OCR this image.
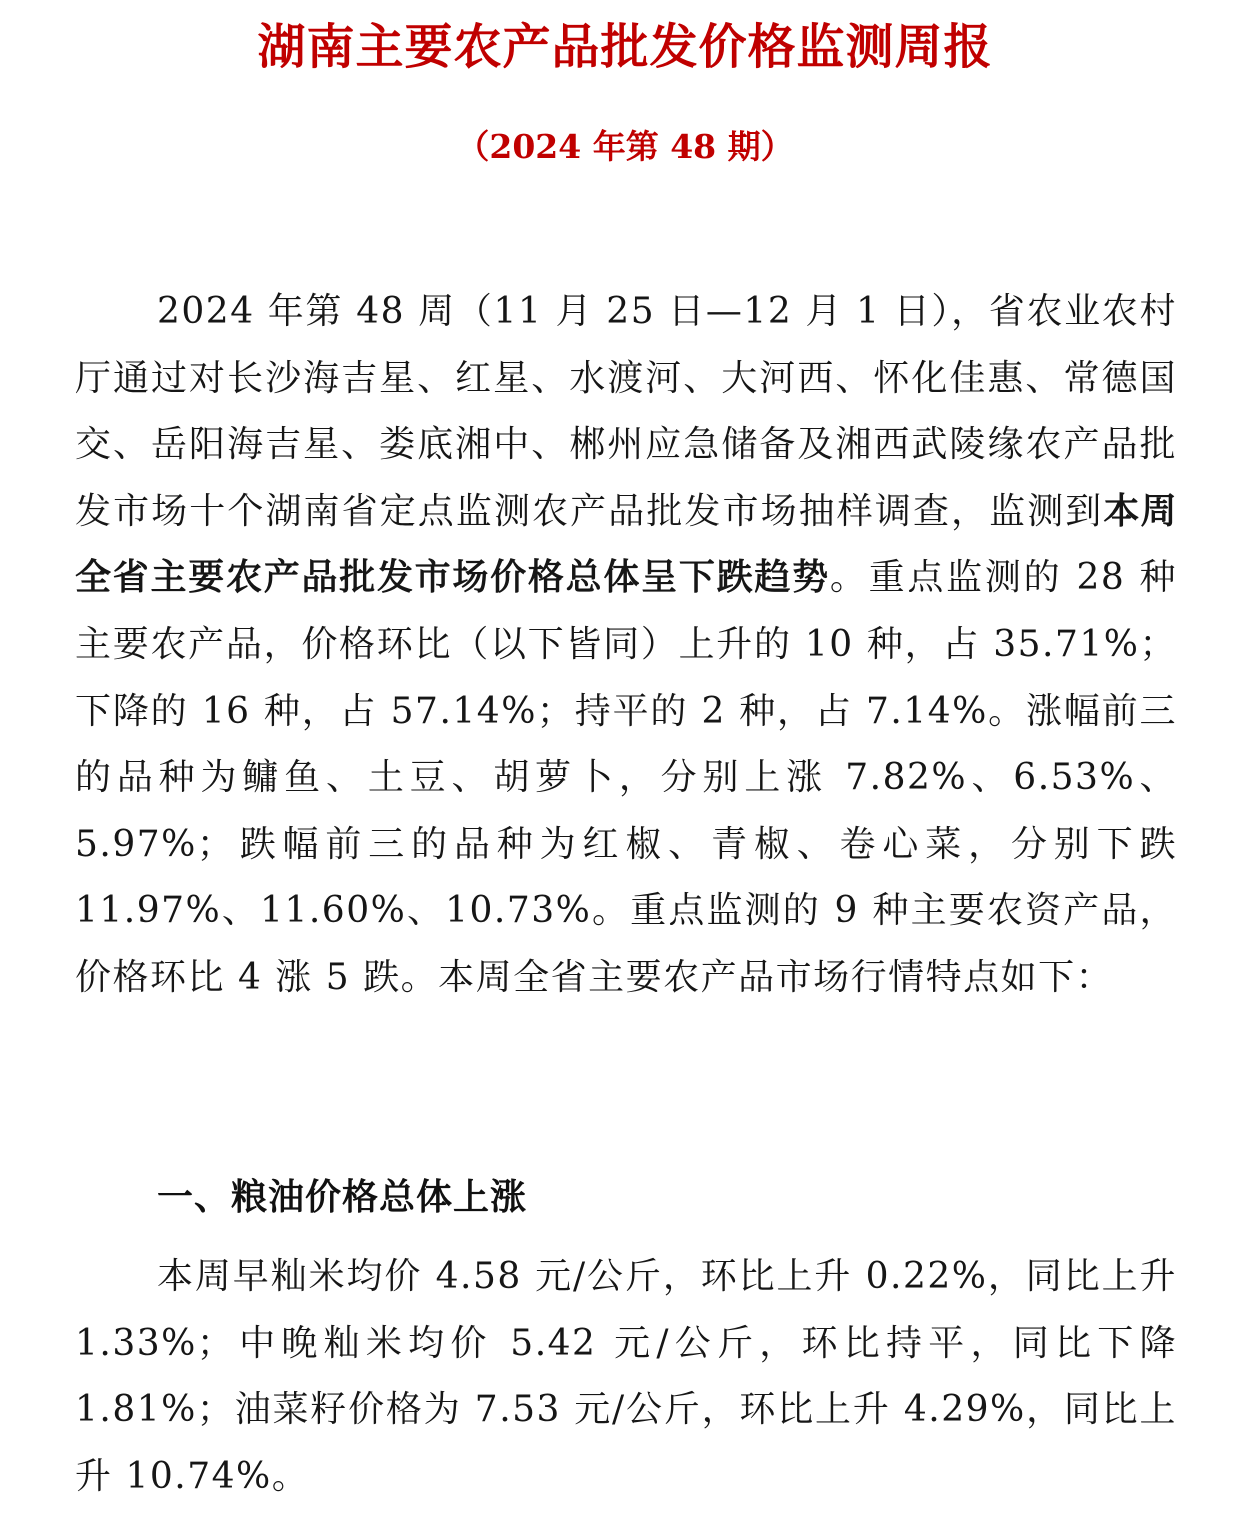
湖南主要农产品批发价格监测周报
（2024 年第 48 期）

2024 年第 48 周（11 月 25 日—12 月 1 日），省农业农村厅通过对长沙海吉星、红星、水渡河、大河西、怀化佳惠、常德国交、岳阳海吉星、娄底湘中、郴州应急储备及湘西武陵缘农产品批发市场十个湖南省定点监测农产品批发市场抽样调查，监测到本周全省主要农产品批发市场价格总体呈下跌趋势。重点监测的 28 种主要农产品，价格环比（以下皆同）上升的 10 种，占 35.71%；下降的 16 种，占 57.14%；持平的 2 种，占 7.14%。涨幅前三的品种为鳙鱼、土豆、胡萝卜，分别上涨 7.82%、6.53%、5.97%；跌幅前三的品种为红椒、青椒、卷心菜，分别下跌 11.97%、11.60%、10.73%。重点监测的 9 种主要农资产品，价格环比 4 涨 5 跌。本周全省主要农产品市场行情特点如下：

一、粮油价格总体上涨

本周早籼米均价 4.58 元/公斤，环比上升 0.22%，同比上升 1.33%；中晚籼米均价 5.42 元/公斤，环比持平，同比下降 1.81%；油菜籽价格为 7.53 元/公斤，环比上升 4.29%，同比上升 10.74%。
